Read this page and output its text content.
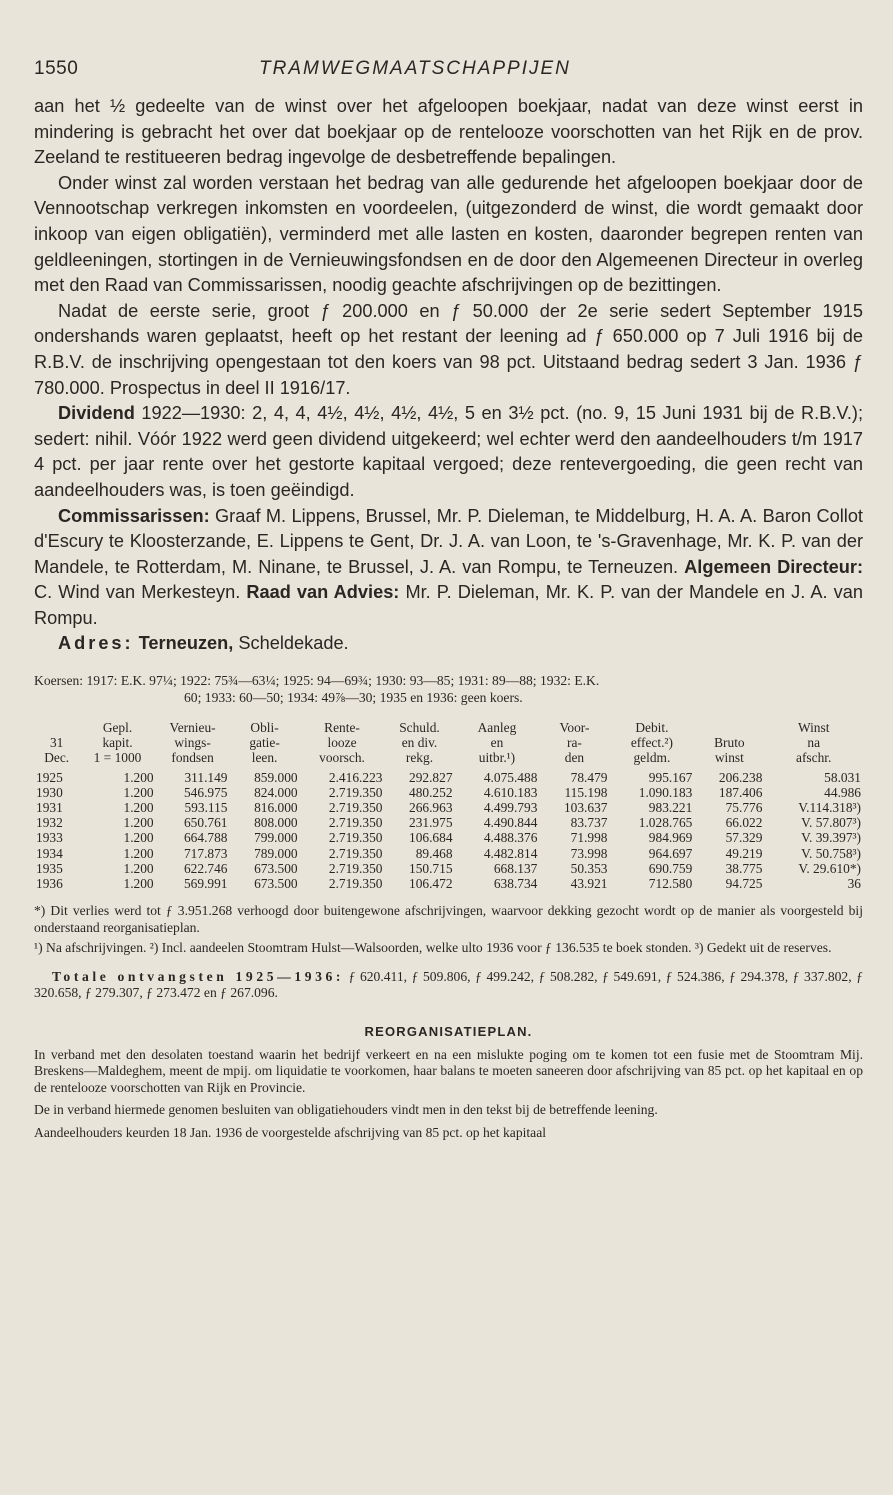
1550	TRAMWEGMAATSCHAPPIJEN

aan het ½ gedeelte van de winst over het afgeloopen boekjaar, nadat van deze winst eerst in mindering is gebracht het over dat boekjaar op de rentelooze voorschotten van het Rijk en de prov. Zeeland te restitueeren bedrag ingevolge de desbetreffende bepalingen.

Onder winst zal worden verstaan het bedrag van alle gedurende het afgeloopen boekjaar door de Vennootschap verkregen inkomsten en voordeelen, (uitgezonderd de winst, die wordt gemaakt door inkoop van eigen obligatiën), verminderd met alle lasten en kosten, daaronder begrepen renten van geldleeningen, stortingen in de Vernieuwingsfondsen en de door den Algemeenen Directeur in overleg met den Raad van Commissarissen, noodig geachte afschrijvingen op de bezittingen.

Nadat de eerste serie, groot ƒ 200.000 en ƒ 50.000 der 2e serie sedert September 1915 ondershands waren geplaatst, heeft op het restant der leening ad ƒ 650.000 op 7 Juli 1916 bij de R.B.V. de inschrijving opengestaan tot den koers van 98 pct. Uitstaand bedrag sedert 3 Jan. 1936 ƒ 780.000. Prospectus in deel II 1916/17.

Dividend 1922—1930: 2, 4, 4, 4½, 4½, 4½, 4½, 5 en 3½ pct. (no. 9, 15 Juni 1931 bij de R.B.V.); sedert: nihil. Vóór 1922 werd geen dividend uitgekeerd; wel echter werd den aandeelhouders t/m 1917 4 pct. per jaar rente over het gestorte kapitaal vergoed; deze rentevergoeding, die geen recht van aandeelhouders was, is toen geëindigd.

Commissarissen: Graaf M. Lippens, Brussel, Mr. P. Dieleman, te Middelburg, H. A. A. Baron Collot d'Escury te Kloosterzande, E. Lippens te Gent, Dr. J. A. van Loon, te 's-Gravenhage, Mr. K. P. van der Mandele, te Rotterdam, M. Ninane, te Brussel, J. A. van Rompu, te Terneuzen. Algemeen Directeur: C. Wind van Merkesteyn. Raad van Advies: Mr. P. Dieleman, Mr. K. P. van der Mandele en J. A. van Rompu.

Adres: Terneuzen, Scheldekade.

Koersen: 1917: E.K. 97¼; 1922: 75¾—63¼; 1925: 94—69¾; 1930: 93—85; 1931: 89—88; 1932: E.K.
60; 1933: 60—50; 1934: 49⅞—30; 1935 en 1936: geen koers.

	Gepl.	Vernieu-	Obli-	Rente-	Schuld.	Aanleg	Voor-	Debit.		Winst
31	kapit.	wings-	gatie-	looze	en div.	en	ra-	effect.²)	Bruto	na
Dec.	1 = 1000	fondsen	leen.	voorsch.	rekg.	uitbr.¹)	den	geldm.	winst	afschr.
1925	1.200	311.149	859.000	2.416.223	292.827	4.075.488	78.479	995.167	206.238	58.031
1930	1.200	546.975	824.000	2.719.350	480.252	4.610.183	115.198	1.090.183	187.406	44.986
1931	1.200	593.115	816.000	2.719.350	266.963	4.499.793	103.637	983.221	75.776	V.114.318³)
1932	1.200	650.761	808.000	2.719.350	231.975	4.490.844	83.737	1.028.765	66.022	V. 57.807³)
1933	1.200	664.788	799.000	2.719.350	106.684	4.488.376	71.998	984.969	57.329	V. 39.397³)
1934	1.200	717.873	789.000	2.719.350	89.468	4.482.814	73.998	964.697	49.219	V. 50.758³)
1935	1.200	622.746	673.500	2.719.350	150.715	668.137	50.353	690.759	38.775	V. 29.610*)
1936	1.200	569.991	673.500	2.719.350	106.472	638.734	43.921	712.580	94.725	36

*) Dit verlies werd tot ƒ 3.951.268 verhoogd door buitengewone afschrijvingen, waarvoor dekking gezocht wordt op de manier als voorgesteld bij onderstaand reorganisatieplan.

¹) Na afschrijvingen. ²) Incl. aandeelen Stoomtram Hulst—Walsoorden, welke ulto 1936 voor ƒ 136.535 te boek stonden. ³) Gedekt uit de reserves.

Totale ontvangsten 1925—1936: ƒ 620.411, ƒ 509.806, ƒ 499.242, ƒ 508.282, ƒ 549.691, ƒ 524.386, ƒ 294.378, ƒ 337.802, ƒ 320.658, ƒ 279.307, ƒ 273.472 en ƒ 267.096.

REORGANISATIEPLAN.

In verband met den desolaten toestand waarin het bedrijf verkeert en na een mislukte poging om te komen tot een fusie met de Stoomtram Mij. Breskens—Maldeghem, meent de mpij. om liquidatie te voorkomen, haar balans te moeten saneeren door afschrijving van 85 pct. op het kapitaal en op de rentelooze voorschotten van Rijk en Provincie.

De in verband hiermede genomen besluiten van obligatiehouders vindt men in den tekst bij de betreffende leening.

Aandeelhouders keurden 18 Jan. 1936 de voorgestelde afschrijving van 85 pct. op het kapitaal
